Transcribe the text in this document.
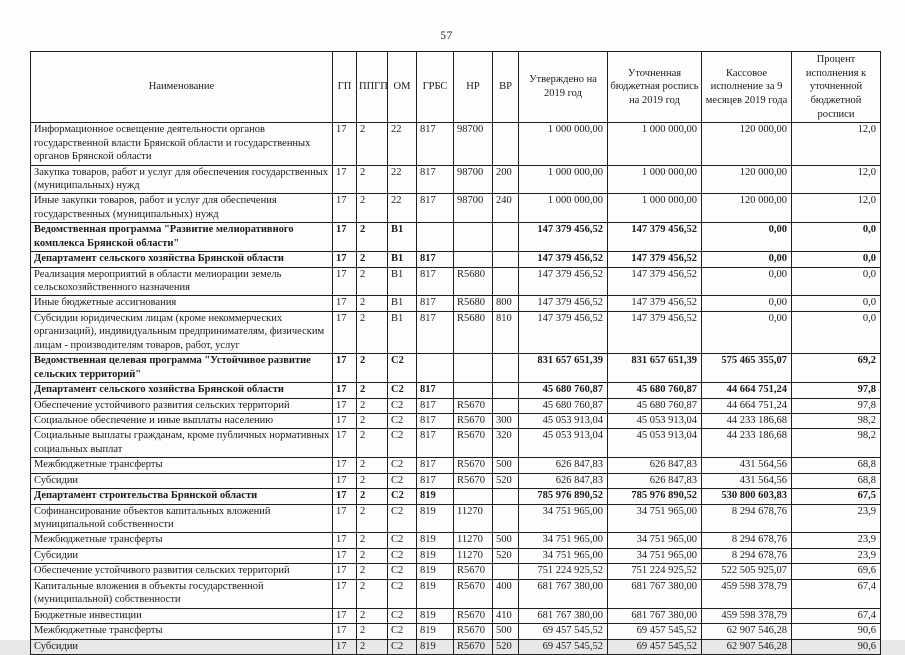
57
Наименование	ГП	ППГП	ОМ	ГРБС	НР	ВР	Утверждено на 2019 год	Уточненная бюджетная роспись на 2019 год	Кассовое исполнение за 9 месяцев 2019 года	Процент исполнения к уточненной бюджетной росписи
Информационное освещение деятельности органов государственной власти Брянской области и государственных органов Брянской области	17	2	22	817	98700		1 000 000,00	1 000 000,00	120 000,00	12,0
Закупка товаров, работ и услуг для обеспечения государственных (муниципальных) нужд	17	2	22	817	98700	200	1 000 000,00	1 000 000,00	120 000,00	12,0
Иные закупки товаров, работ и услуг для обеспечения государственных (муниципальных) нужд	17	2	22	817	98700	240	1 000 000,00	1 000 000,00	120 000,00	12,0
Ведомственная программа "Развитие мелиоративного комплекса Брянской области"	17	2	В1				147 379 456,52	147 379 456,52	0,00	0,0
Департамент сельского хозяйства Брянской области	17	2	В1	817			147 379 456,52	147 379 456,52	0,00	0,0
Реализация мероприятий в области мелиорации земель сельскохозяйственного назначения	17	2	В1	817	R5680		147 379 456,52	147 379 456,52	0,00	0,0
Иные бюджетные ассигнования	17	2	В1	817	R5680	800	147 379 456,52	147 379 456,52	0,00	0,0
Субсидии юридическим лицам (кроме некоммерческих организаций), индивидуальным предпринимателям, физическим лицам - производителям товаров, работ, услуг	17	2	В1	817	R5680	810	147 379 456,52	147 379 456,52	0,00	0,0
Ведомственная целевая программа "Устойчивое развитие сельских территорий"	17	2	С2				831 657 651,39	831 657 651,39	575 465 355,07	69,2
Департамент сельского хозяйства Брянской области	17	2	С2	817			45 680 760,87	45 680 760,87	44 664 751,24	97,8
Обеспечение устойчивого развития сельских территорий	17	2	С2	817	R5670		45 680 760,87	45 680 760,87	44 664 751,24	97,8
Социальное обеспечение и иные выплаты населению	17	2	С2	817	R5670	300	45 053 913,04	45 053 913,04	44 233 186,68	98,2
Социальные выплаты гражданам, кроме публичных нормативных социальных выплат	17	2	С2	817	R5670	320	45 053 913,04	45 053 913,04	44 233 186,68	98,2
Межбюджетные трансферты	17	2	С2	817	R5670	500	626 847,83	626 847,83	431 564,56	68,8
Субсидии	17	2	С2	817	R5670	520	626 847,83	626 847,83	431 564,56	68,8
Департамент строительства Брянской области	17	2	С2	819			785 976 890,52	785 976 890,52	530 800 603,83	67,5
Софинансирование объектов капитальных вложений муниципальной собственности	17	2	С2	819	11270		34 751 965,00	34 751 965,00	8 294 678,76	23,9
Межбюджетные трансферты	17	2	С2	819	11270	500	34 751 965,00	34 751 965,00	8 294 678,76	23,9
Субсидии	17	2	С2	819	11270	520	34 751 965,00	34 751 965,00	8 294 678,76	23,9
Обеспечение устойчивого развития сельских территорий	17	2	С2	819	R5670		751 224 925,52	751 224 925,52	522 505 925,07	69,6
Капитальные вложения в объекты государственной (муниципальной) собственности	17	2	С2	819	R5670	400	681 767 380,00	681 767 380,00	459 598 378,79	67,4
Бюджетные инвестиции	17	2	С2	819	R5670	410	681 767 380,00	681 767 380,00	459 598 378,79	67,4
Межбюджетные трансферты	17	2	С2	819	R5670	500	69 457 545,52	69 457 545,52	62 907 546,28	90,6
Субсидии	17	2	С2	819	R5670	520	69 457 545,52	69 457 545,52	62 907 546,28	90,6
